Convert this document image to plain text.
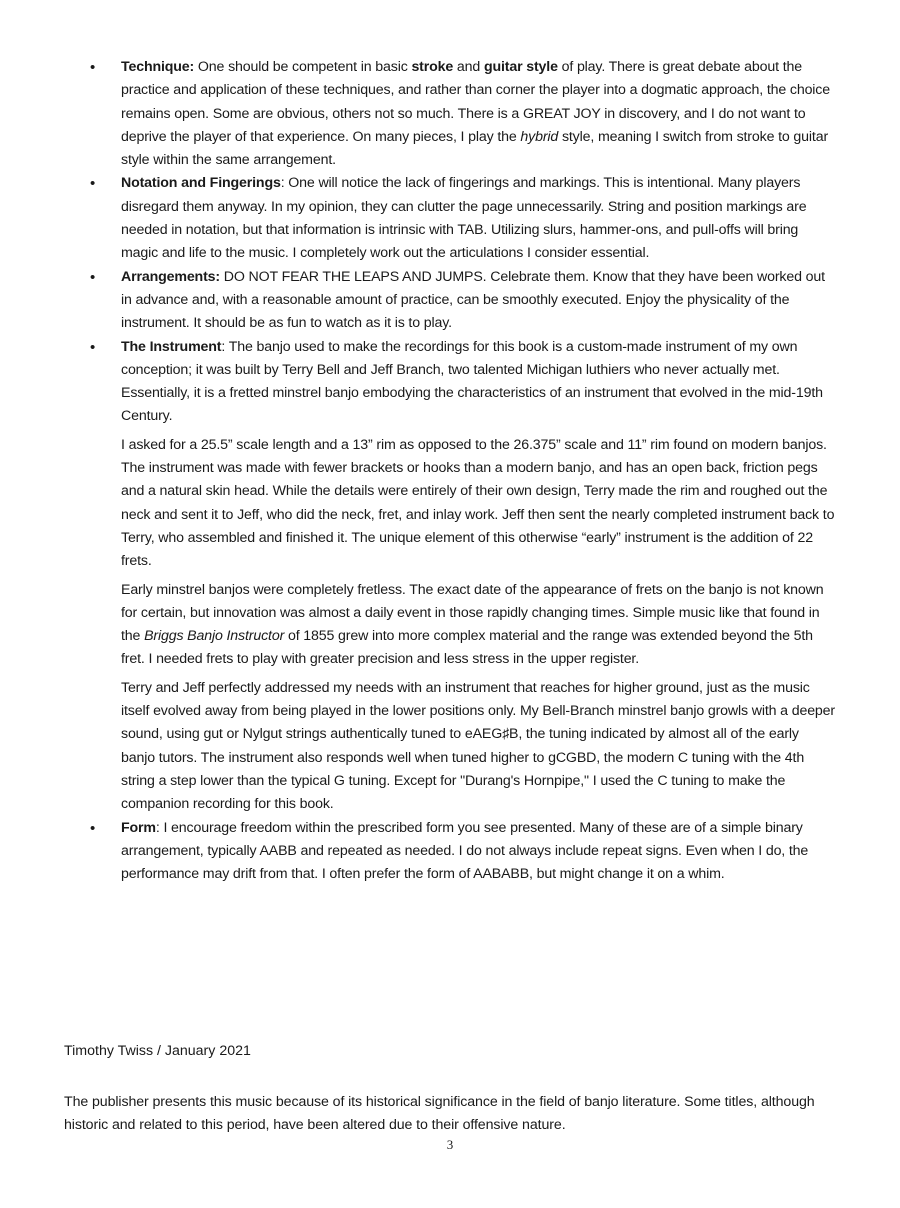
• Technique: One should be competent in basic stroke and guitar style of play. There is great debate about the practice and application of these techniques, and rather than corner the player into a dogmatic approach, the choice remains open. Some are obvious, others not so much. There is a GREAT JOY in discovery, and I do not want to deprive the player of that experience. On many pieces, I play the hybrid style, meaning I switch from stroke to guitar style within the same arrangement.

• Notation and Fingerings: One will notice the lack of fingerings and markings. This is intentional. Many players disregard them anyway. In my opinion, they can clutter the page unnecessarily. String and position markings are needed in notation, but that information is intrinsic with TAB. Utilizing slurs, hammer-ons, and pull-offs will bring magic and life to the music. I completely work out the articulations I consider essential.

• Arrangements: DO NOT FEAR THE LEAPS AND JUMPS. Celebrate them. Know that they have been worked out in advance and, with a reasonable amount of practice, can be smoothly executed. Enjoy the physicality of the instrument. It should be as fun to watch as it is to play.

• The Instrument: The banjo used to make the recordings for this book is a custom-made instrument of my own conception; it was built by Terry Bell and Jeff Branch, two talented Michigan luthiers who never actually met. Essentially, it is a fretted minstrel banjo embodying the characteristics of an instrument that evolved in the mid-19th Century.

I asked for a 25.5” scale length and a 13” rim as opposed to the 26.375” scale and 11” rim found on modern banjos. The instrument was made with fewer brackets or hooks than a modern banjo, and has an open back, friction pegs and a natural skin head. While the details were entirely of their own design, Terry made the rim and roughed out the neck and sent it to Jeff, who did the neck, fret, and inlay work. Jeff then sent the nearly completed instrument back to Terry, who assembled and finished it. The unique element of this otherwise “early” instrument is the addition of 22 frets.

Early minstrel banjos were completely fretless. The exact date of the appearance of frets on the banjo is not known for certain, but innovation was almost a daily event in those rapidly changing times. Simple music like that found in the Briggs Banjo Instructor of 1855 grew into more complex material and the range was extended beyond the 5th fret. I needed frets to play with greater precision and less stress in the upper register.

Terry and Jeff perfectly addressed my needs with an instrument that reaches for higher ground, just as the music itself evolved away from being played in the lower positions only. My Bell-Branch minstrel banjo growls with a deeper sound, using gut or Nylgut strings authentically tuned to eAEG♯B, the tuning indicated by almost all of the early banjo tutors. The instrument also responds well when tuned higher to gCGBD, the modern C tuning with the 4th string a step lower than the typical G tuning. Except for "Durang's Hornpipe," I used the C tuning to make the companion recording for this book.

• Form: I encourage freedom within the prescribed form you see presented. Many of these are of a simple binary arrangement, typically AABB and repeated as needed. I do not always include repeat signs. Even when I do, the performance may drift from that. I often prefer the form of AABABB, but might change it on a whim.

Timothy Twiss / January 2021

The publisher presents this music because of its historical significance in the field of banjo literature. Some titles, although historic and related to this period, have been altered due to their offensive nature.

3
